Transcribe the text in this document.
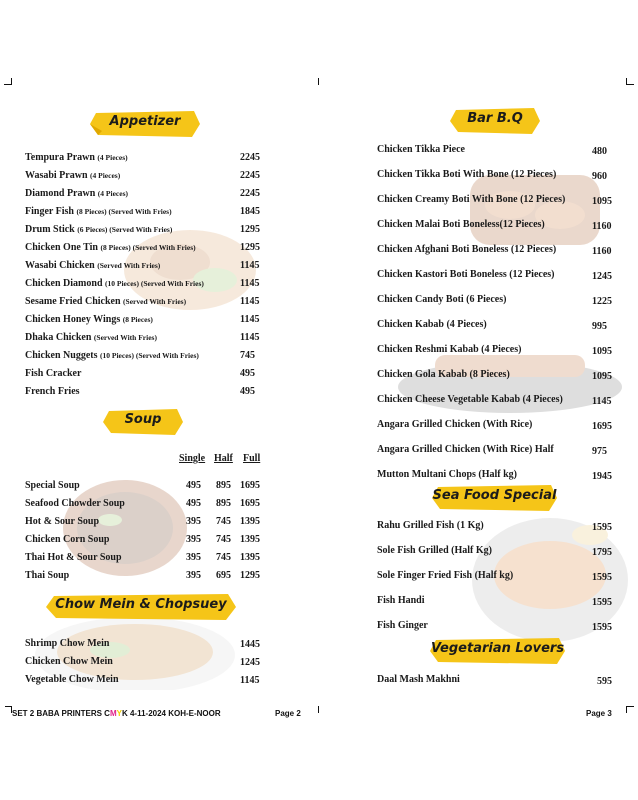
Appetizer
Soup
Chow Mein & Chopsuey
Bar B.Q
Sea Food Special
Vegetarian Lovers
Tempura Prawn (4 Pieces)	2245
Wasabi Prawn (4 Pieces)	2245
Diamond Prawn (4 Pieces)	2245
Finger Fish (8 Pieces) (Served With Fries)	1845
Drum Stick (6 Pieces) (Served With Fries)	1295
Chicken One Tin (8 Pieces) (Served With Fries)	1295
Wasabi Chicken (Served With Fries)	1145
Chicken Diamond (10 Pieces) (Served With Fries)	1145
Sesame Fried Chicken (Served With Fries)	1145
Chicken Honey Wings (8 Pieces)	1145
Dhaka Chicken (Served With Fries)	1145
Chicken Nuggets (10 Pieces) (Served With Fries)	745
Fish Cracker	495
French Fries	495
Single Half Full
Special Soup	495 895 1695
Seafood Chowder Soup	495 895 1695
Hot & Sour Soup	395 745 1395
Chicken Corn Soup	395 745 1395
Thai Hot & Sour Soup	395 745 1395
Thai Soup	395 695 1295
Shrimp Chow Mein	1445
Chicken Chow Mein	1245
Vegetable Chow Mein	1145
Chicken Tikka Piece	480
Chicken Tikka Boti With Bone (12 Pieces)	960
Chicken Creamy Boti With Bone (12 Pieces)	1095
Chicken Malai Boti Boneless(12 Pieces)	1160
Chicken Afghani Boti Boneless (12 Pieces)	1160
Chicken Kastori Boti Boneless (12 Pieces)	1245
Chicken Candy Boti (6 Pieces)	1225
Chicken Kabab (4 Pieces)	995
Chicken Reshmi Kabab (4 Pieces)	1095
Chicken Gola Kabab (8 Pieces)	1095
Chicken Cheese Vegetable Kabab (4 Pieces)	1145
Angara Grilled Chicken (With Rice)	1695
Angara Grilled Chicken (With Rice) Half	975
Mutton Multani Chops (Half kg)	1945
Rahu Grilled Fish (1 Kg)	1595
Sole Fish Grilled (Half Kg)	1795
Sole Finger Fried Fish (Half kg)	1595
Fish Handi	1595
Fish Ginger	1595
Daal Mash Makhni	595
SET 2 BABA PRINTERS CMYK 4-11-2024 KOH-E-NOOR	Page 2	Page 3
